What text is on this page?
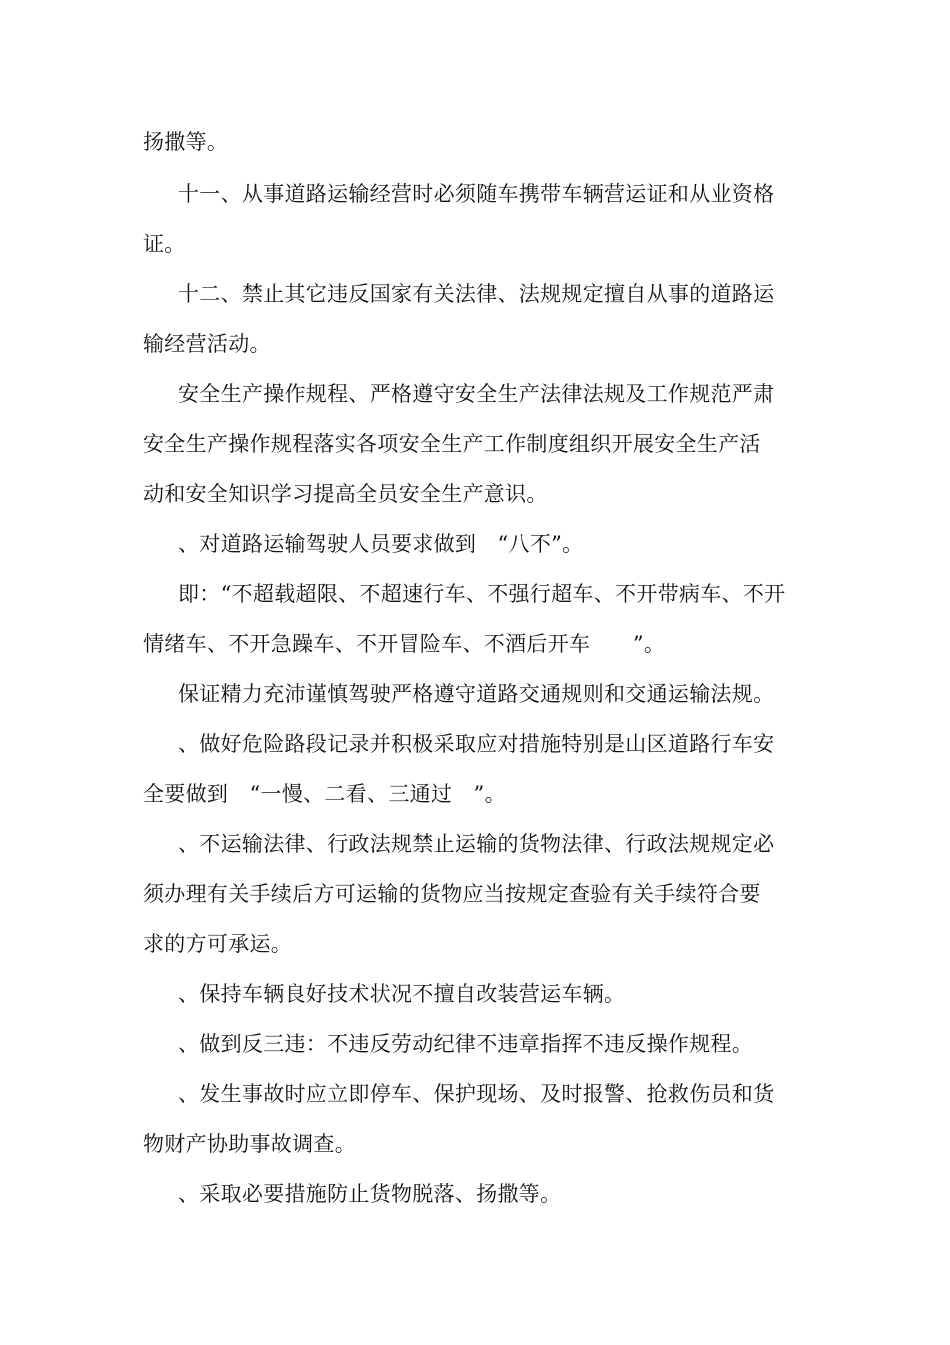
扬撒等。

十一、从事道路运输经营时必须随车携带车辆营运证和从业资格

证。

十二、禁止其它违反国家有关法律、法规规定擅自从事的道路运

输经营活动。

安全生产操作规程、严格遵守安全生产法律法规及工作规范严肃

安全生产操作规程落实各项安全生产工作制度组织开展安全生产活

动和安全知识学习提高全员安全生产意识。

、对道路运输驾驶人员要求做到　“八不”。

即：“不超载超限、不超速行车、不强行超车、不开带病车、不开

情绪车、不开急躁车、不开冒险车、不酒后开车　　”。

保证精力充沛谨慎驾驶严格遵守道路交通规则和交通运输法规。

、做好危险路段记录并积极采取应对措施特别是山区道路行车安

全要做到　“一慢、二看、三通过　”。

、不运输法律、行政法规禁止运输的货物法律、行政法规规定必

须办理有关手续后方可运输的货物应当按规定查验有关手续符合要

求的方可承运。

、保持车辆良好技术状况不擅自改装营运车辆。

、做到反三违：不违反劳动纪律不违章指挥不违反操作规程。

、发生事故时应立即停车、保护现场、及时报警、抢救伤员和货

物财产协助事故调查。

、采取必要措施防止货物脱落、扬撒等。
